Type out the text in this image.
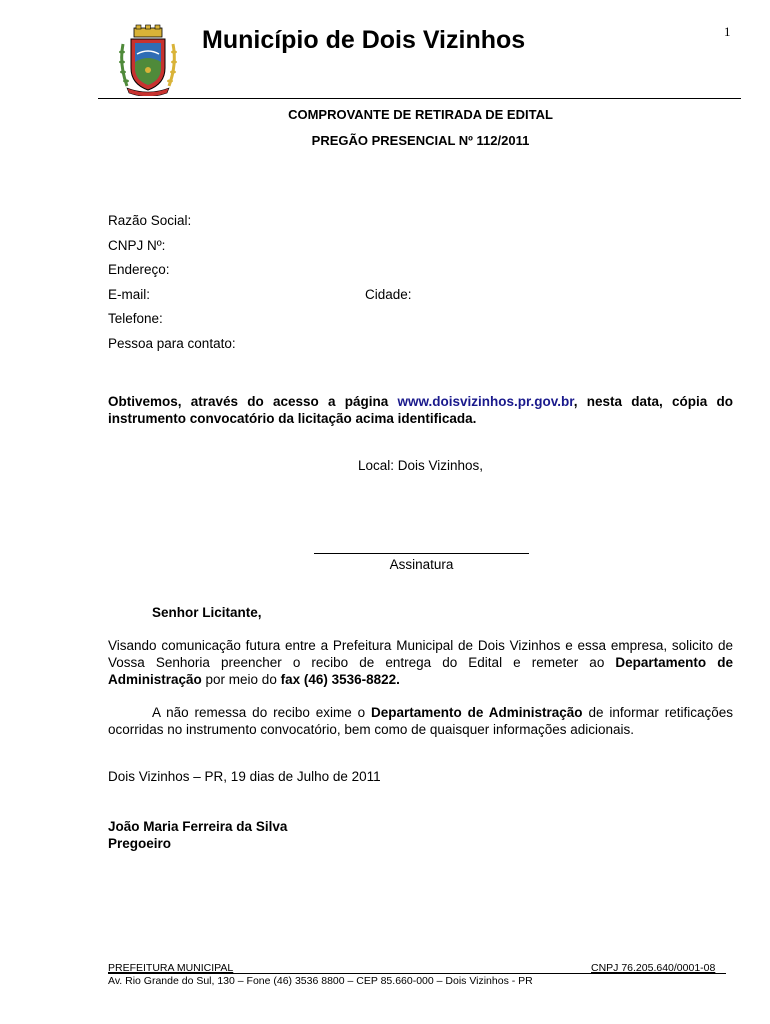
1
Município de Dois Vizinhos
COMPROVANTE DE RETIRADA DE EDITAL
PREGÃO PRESENCIAL Nº 112/2011
Razão Social:
CNPJ Nº:
Endereço:
E-mail:	Cidade:
Telefone:
Pessoa para contato:
Obtivemos, através do acesso a página www.doisvizinhos.pr.gov.br, nesta data, cópia do instrumento convocatório da licitação acima identificada.
Local: Dois Vizinhos,
Assinatura
Senhor Licitante,
Visando comunicação futura entre a Prefeitura Municipal de Dois Vizinhos e essa empresa, solicito de Vossa Senhoria preencher o recibo de entrega do Edital e remeter ao Departamento de Administração por meio do fax (46) 3536-8822.
A não remessa do recibo exime o Departamento de Administração de informar retificações ocorridas no instrumento convocatório, bem como de quaisquer informações adicionais.
Dois Vizinhos – PR, 19 dias de Julho de 2011
João Maria Ferreira da Silva
Pregoeiro
PREFEITURA MUNICIPAL	CNPJ 76.205.640/0001-08
Av. Rio Grande do Sul, 130 – Fone (46) 3536 8800 – CEP 85.660-000 – Dois Vizinhos - PR
